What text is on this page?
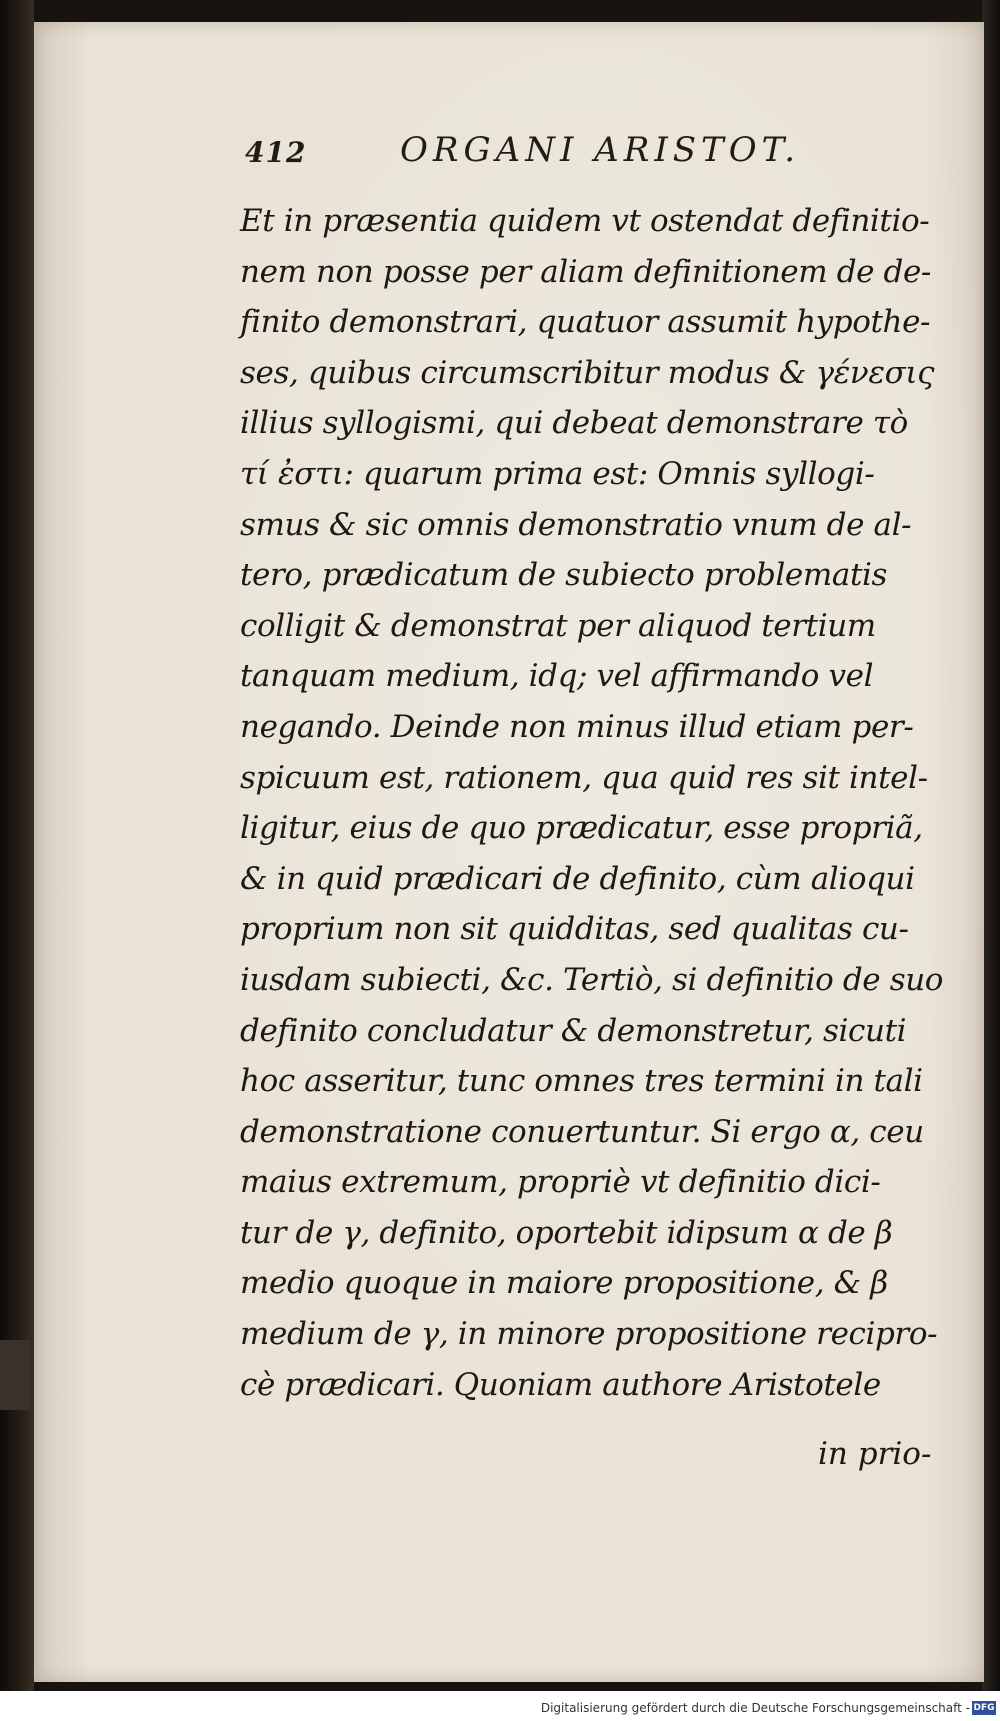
412	ORGANI ARISTOT.
Et in præsentia quidem vt ostendat definitio-
nem non posse per aliam definitionem de de-
finito demonstrari, quatuor assumit hypothe-
ses, quibus circumscribitur modus & γένεσις
illius syllogismi, qui debeat demonstrare τὸ
τί ἐστι: quarum prima est: Omnis syllogi-
smus & sic omnis demonstratio vnum de al-
tero, prædicatum de subiecto problematis
colligit & demonstrat per aliquod tertium
tanquam medium, idq; vel affirmando vel
negando. Deinde non minus illud etiam per-
spicuum est, rationem, qua quid res sit intel-
ligitur, eius de quo prædicatur, esse propriã,
& in quid prædicari de definito, cùm alioqui
proprium non sit quidditas, sed qualitas cu-
iusdam subiecti, &c. Tertiò, si definitio de suo
definito concludatur & demonstretur, sicuti
hoc asseritur, tunc omnes tres termini in tali
demonstratione conuertuntur. Si ergo α, ceu
maius extremum, propriè vt definitio dici-
tur de γ, definito, oportebit idipsum α de β
medio quoque in maiore propositione, & β
medium de γ, in minore propositione recipro-
cè prædicari. Quoniam authore Aristotele
in prio-
Digitalisierung gefördert durch die Deutsche Forschungsgemeinschaft - DFG
